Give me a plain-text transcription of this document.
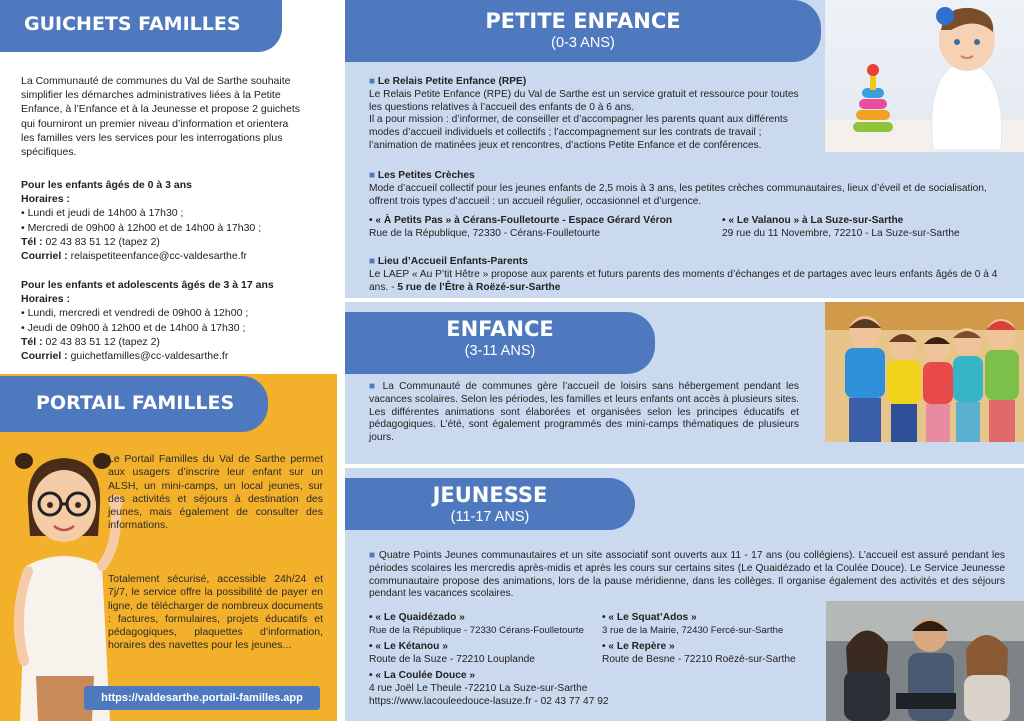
GUICHETS FAMILLES
La Communauté de communes du Val de Sarthe souhaite
simplifier les démarches administratives liées à la Petite
Enfance, à l’Enfance et à la Jeunesse et propose 2 guichets
qui fourniront un premier niveau d’information et orientera
les familles vers les services pour les interrogations plus
spécifiques.
Pour les enfants âgés de 0 à 3 ans
Horaires :
• Lundi et jeudi de 14h00 à 17h30 ;
• Mercredi de 09h00 à 12h00 et de 14h00 à 17h30 ;
Tél : 02 43 83 51 12 (tapez 2)
Courriel : relaispetiteenfance@cc-valdesarthe.fr
Pour les enfants et adolescents âgés de 3 à 17 ans
Horaires :
• Lundi, mercredi et vendredi de 09h00 à 12h00 ;
• Jeudi de 09h00 à 12h00 et de 14h00 à 17h30 ;
Tél : 02 43 83 51 12 (tapez 2)
Courriel : guichetfamilles@cc-valdesarthe.fr
PORTAIL FAMILLES
Le Portail Familles du Val de Sarthe permet aux usagers d’inscrire leur enfant sur un ALSH, un mini-camps, un local jeunes, sur des activités et séjours à destination des jeunes, mais également de consulter des informations.
Totalement sécurisé, accessible 24h/24 et 7j/7, le service offre la possibilité de payer en ligne, de télécharger de nombreux documents : factures, formulaires, projets éducatifs et pédagogiques, plaquettes d’information, horaires des navettes pour les jeunes...
https://valdesarthe.portail-familles.app
PETITE ENFANCE
(0-3 ANS)
■ Le Relais Petite Enfance (RPE)
Le Relais Petite Enfance (RPE) du Val de Sarthe est un service gratuit et ressource pour toutes les questions relatives à l’accueil des enfants de 0 à 6 ans.
Il a pour mission : d’informer, de conseiller et d’accompagner les parents quant aux différents modes d’accueil individuels et collectifs ; l’accompagnement sur les contrats de travail ; l’animation de matinées jeux et rencontres, d’actions Petite Enfance et de conférences.
■ Les Petites Crèches
Mode d’accueil collectif pour les jeunes enfants de 2,5 mois à 3 ans, les petites crèches communautaires, lieux d’éveil et de socialisation, offrent trois types d’accueil : un accueil régulier, occasionnel et d’urgence.
• « À Petits Pas » à Cérans-Foulletourte - Espace Gérard Véron
Rue de la République, 72330 - Cérans-Foulletourte
• « Le Valanou » à La Suze-sur-Sarthe
29 rue du 11 Novembre, 72210 - La Suze-sur-Sarthe
■ Lieu d’Accueil Enfants-Parents
Le LAEP « Au P’tit Hêtre » propose aux parents et futurs parents des moments d’échanges et de partages avec leurs enfants âgés de 0 à 4 ans. - 5 rue de l’Être à Roëzé-sur-Sarthe
ENFANCE
(3-11 ANS)
■ La Communauté de communes gère l’accueil de loisirs sans hébergement pendant les vacances scolaires. Selon les périodes, les familles et leurs enfants ont accès à plusieurs sites. Les différentes animations sont élaborées et organisées selon les principes éducatifs et pédagogiques. L’été, sont également programmés des mini-camps thématiques de plusieurs jours.
JEUNESSE
(11-17 ANS)
■ Quatre Points Jeunes communautaires et un site associatif sont ouverts aux 11 - 17 ans (ou collégiens). L’accueil est assuré pendant les périodes scolaires les mercredis après-midis et après les cours sur certains sites (Le Quaidézado et la Coulée Douce). Le Service Jeunesse communautaire propose des animations, lors de la pause méridienne, dans les collèges. Il organise également des activités et des séjours pendant les vacances scolaires.
• « Le Quaidézado »
Rue de la République - 72330 Cérans-Foulletourte
• « Le Squat’Ados »
3 rue de la Mairie, 72430 Fercé-sur-Sarthe
• « Le Kétanou »
Route de la Suze - 72210 Louplande
• « Le Repère »
Route de Besne - 72210 Roëzé-sur-Sarthe
• « La Coulée Douce »
4 rue Joël Le Theule -72210 La Suze-sur-Sarthe
https://www.lacouleedouce-lasuze.fr - 02 43 77 47 92
